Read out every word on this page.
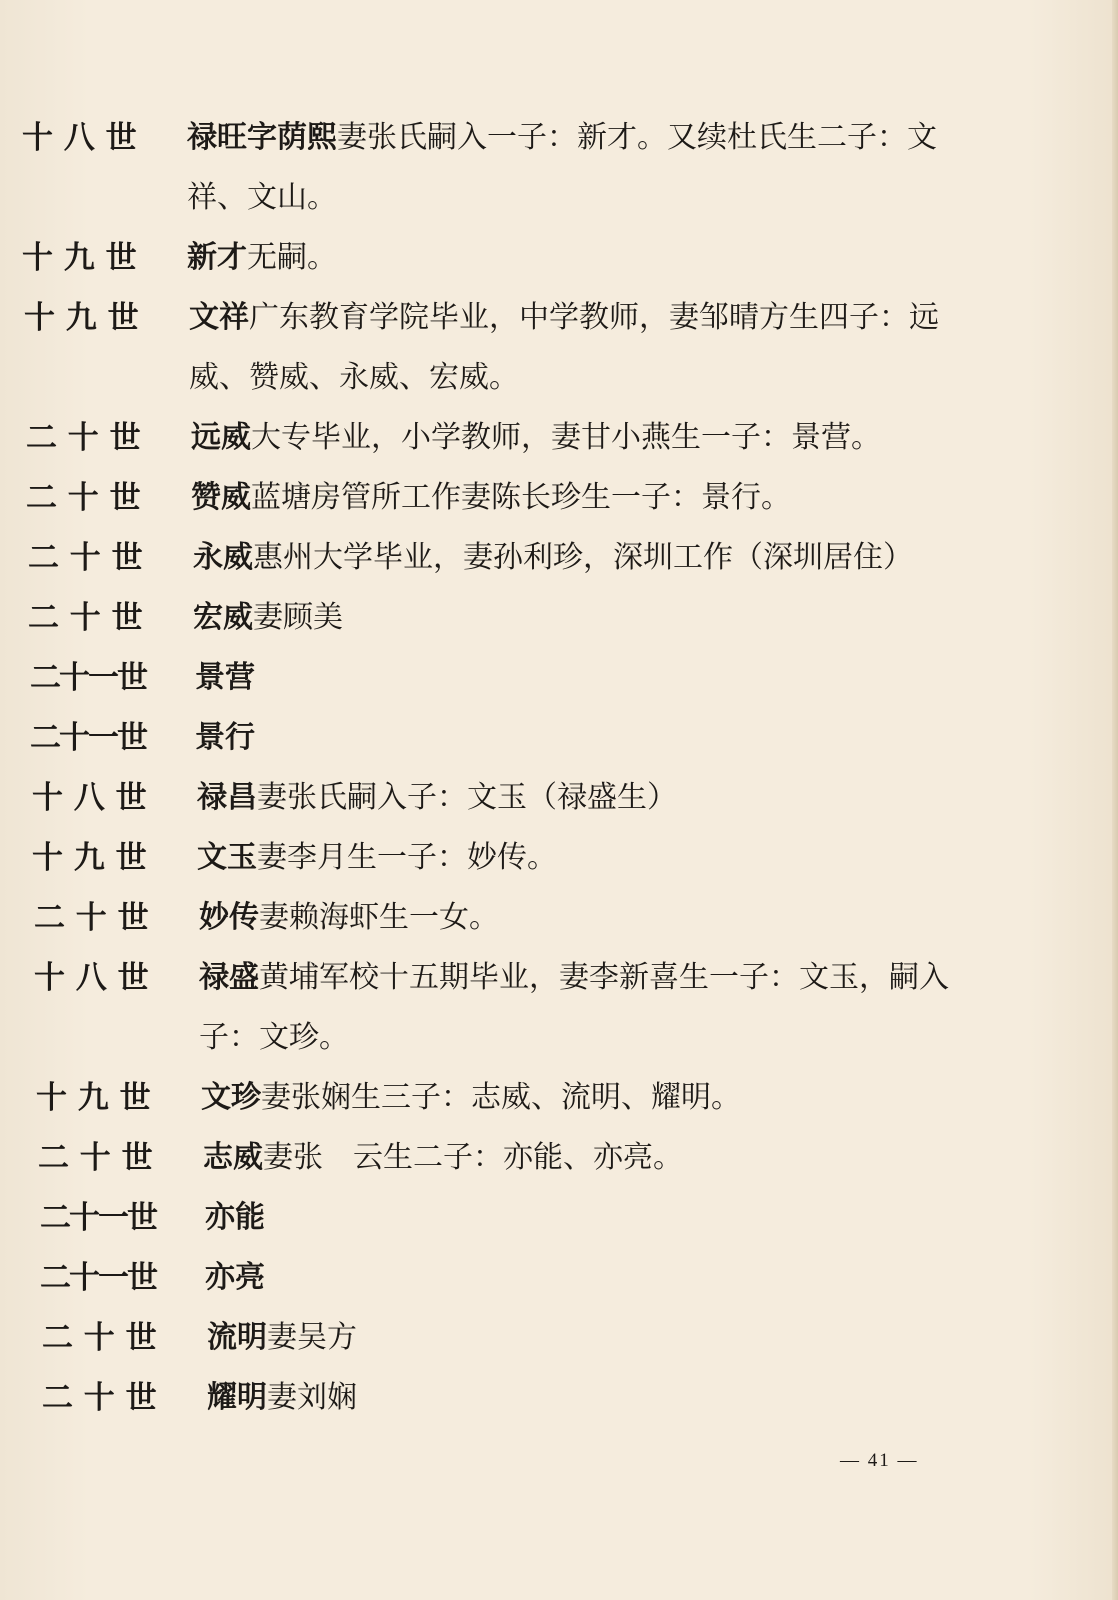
十 八 世	禄旺字荫熙妻张氏嗣入一子：新才。又续杜氏生二子：文祥、文山。
十 九 世	新才无嗣。
十 九 世	文祥广东教育学院毕业，中学教师，妻邹晴方生四子：远威、赞威、永威、宏威。
二 十 世	远威大专毕业，小学教师，妻甘小燕生一子：景营。
二 十 世	赞威蓝塘房管所工作妻陈长珍生一子：景行。
二 十 世	永威惠州大学毕业，妻孙利珍，深圳工作（深圳居住）
二 十 世	宏威妻顾美
二十一世	景营
二十一世	景行
十 八 世	禄昌妻张氏嗣入子：文玉（禄盛生）
十 九 世	文玉妻李月生一子：妙传。
二 十 世	妙传妻赖海虾生一女。
十 八 世	禄盛黄埔军校十五期毕业，妻李新喜生一子：文玉，嗣入子：文珍。
十 九 世	文珍妻张娴生三子：志威、流明、耀明。
二 十 世	志威妻张　云生二子：亦能、亦亮。
二十一世	亦能
二十一世	亦亮
二 十 世	流明妻吴方
二 十 世	耀明妻刘娴
— 41 —
